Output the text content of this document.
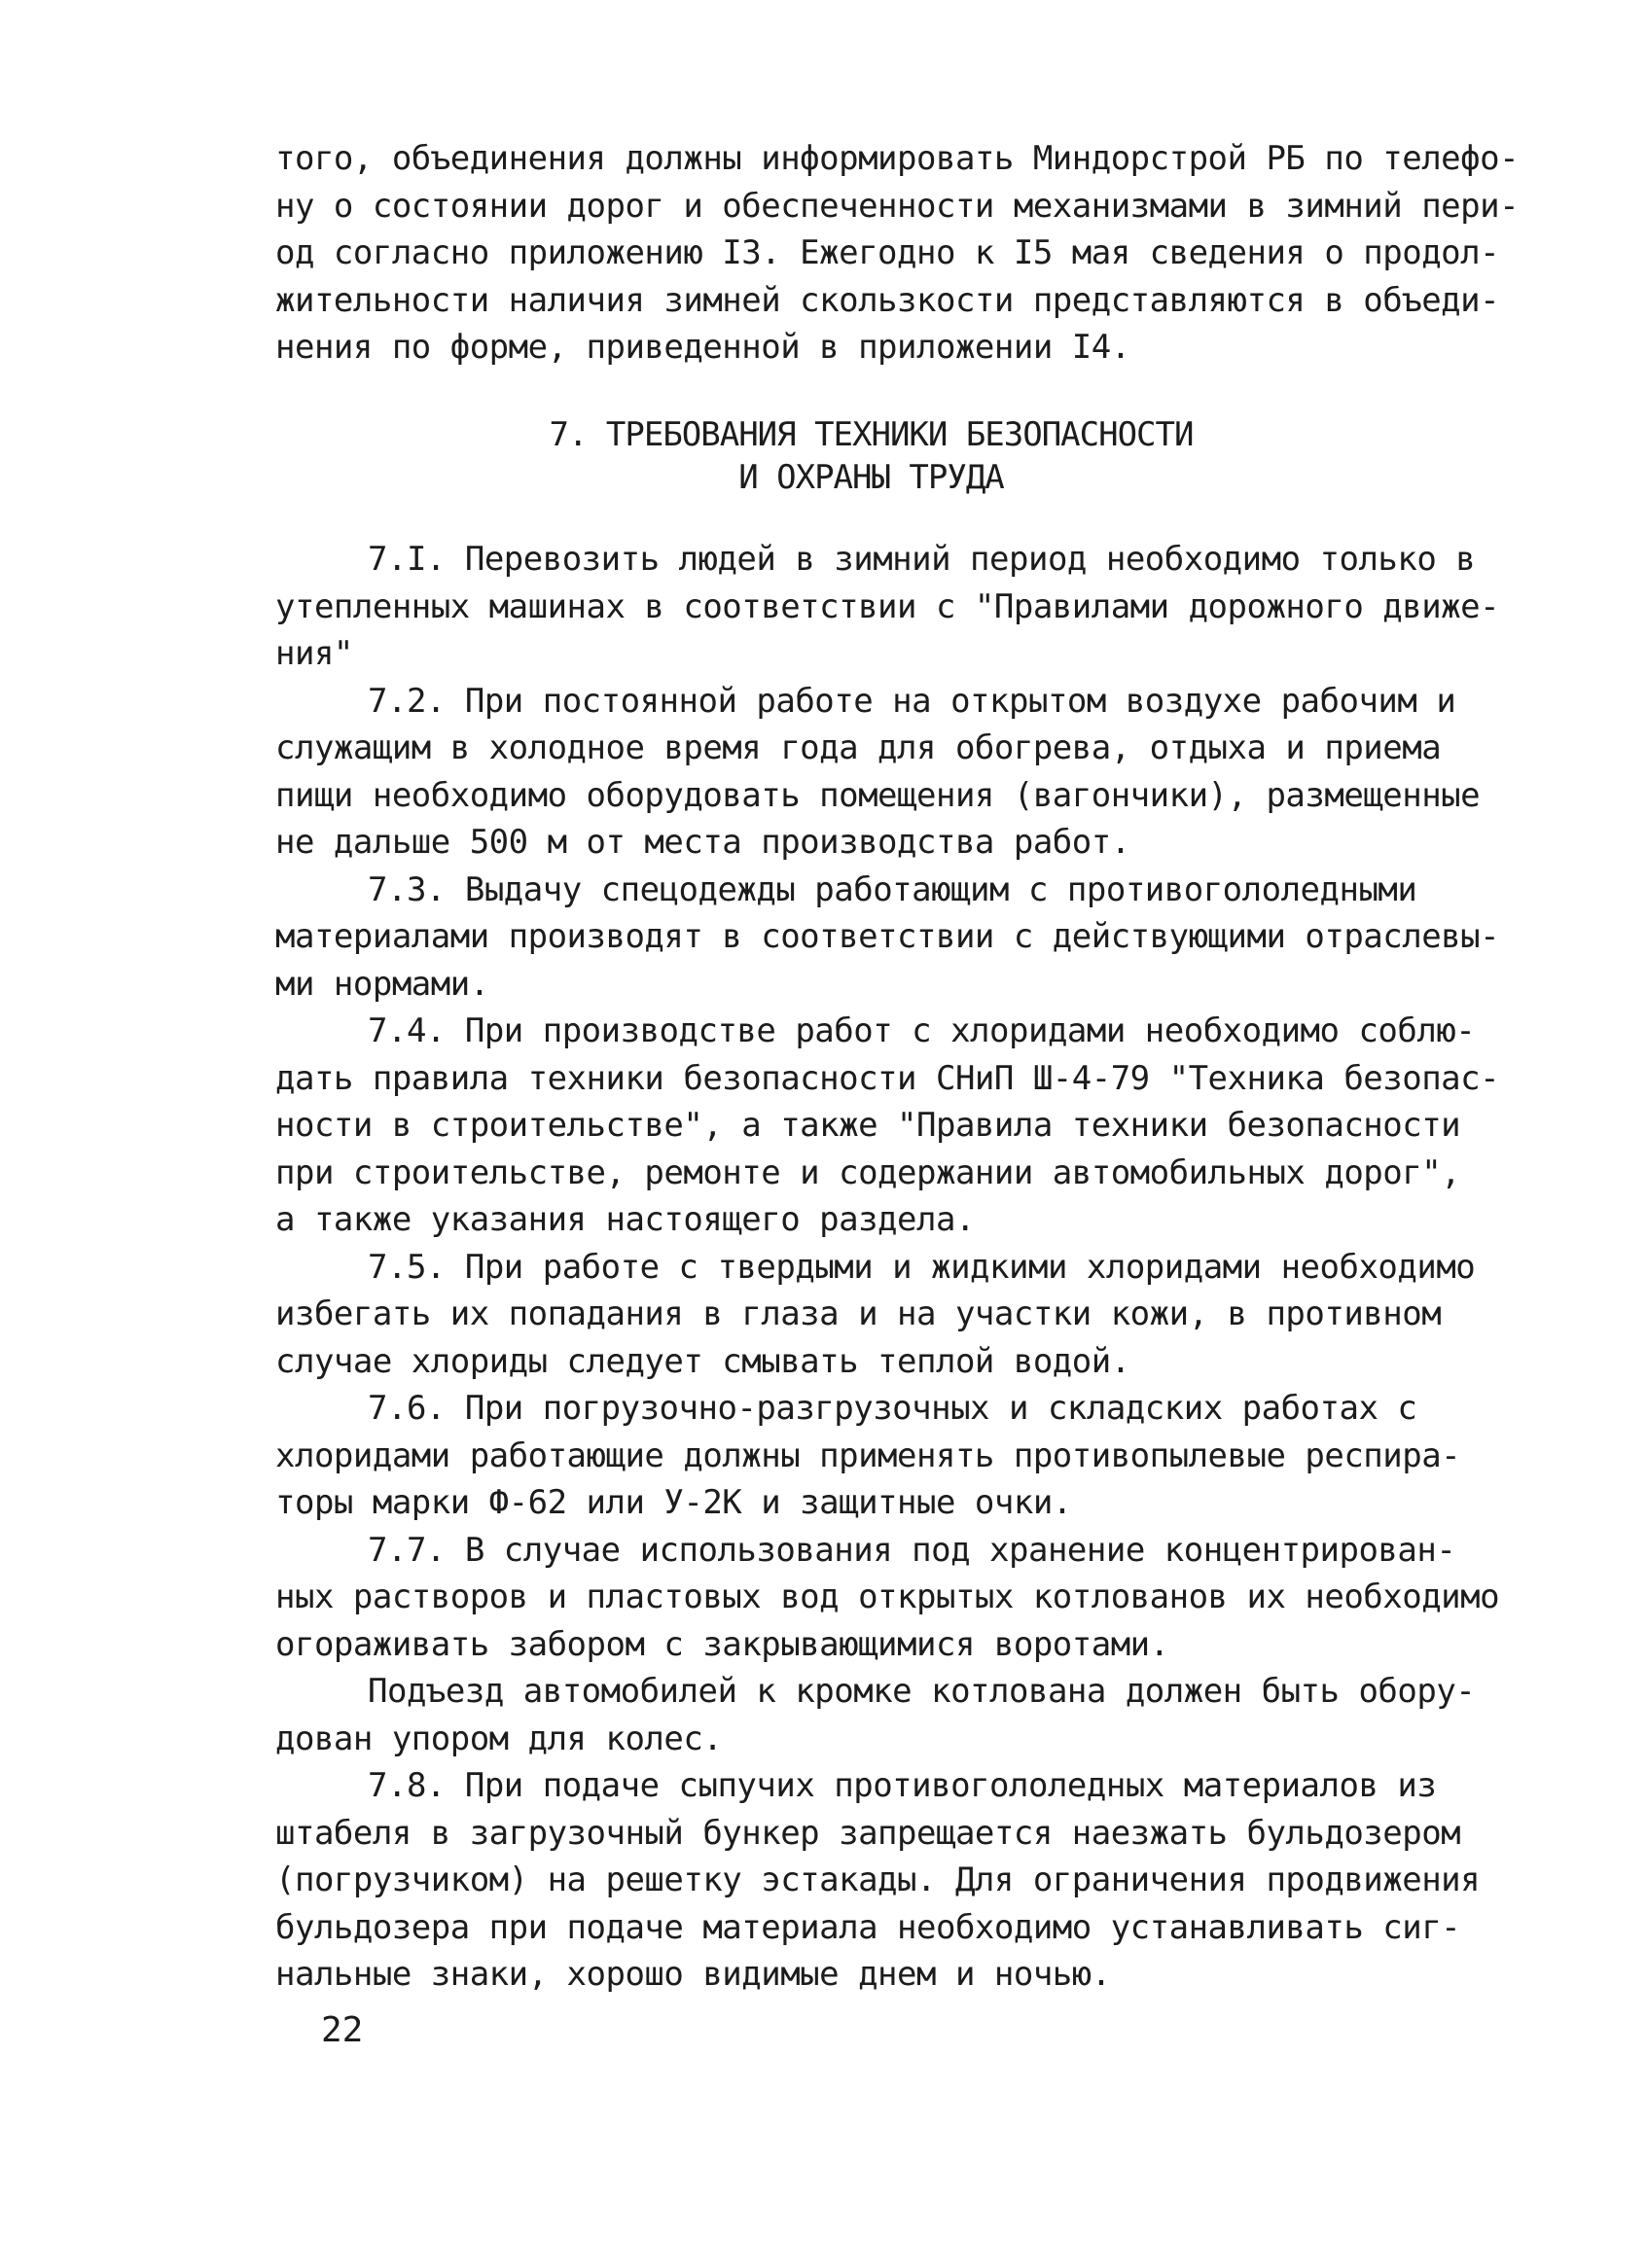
того, объединения должны информировать Миндорстрой РБ по телефо-
ну о состоянии дорог и обеспеченности механизмами в зимний пери-
од согласно приложению I3. Ежегодно к I5 мая сведения о продол-
жительности наличия зимней скользкости представляются в объеди-
нения по форме, приведенной в приложении I4.
7. ТРЕБОВАНИЯ ТЕХНИКИ БЕЗОПАСНОСТИ
И ОХРАНЫ ТРУДА
7.I. Перевозить людей в зимний период необходимо только в
утепленных машинах в соответствии с "Правилами дорожного движе-
ния"
7.2. При постоянной работе на открытом воздухе рабочим и
служащим в холодное время года для обогрева, отдыха и приема
пищи необходимо оборудовать помещения (вагончики), размещенные
не дальше 500 м от места производства работ.
7.3. Выдачу спецодежды работающим с противогололедными
материалами производят в соответствии с действующими отраслевы-
ми нормами.
7.4. При производстве работ с хлоридами необходимо соблю-
дать правила техники безопасности СНиП Ш-4-79 "Техника безопас-
ности в строительстве", а также "Правила техники безопасности
при строительстве, ремонте и содержании автомобильных дорог",
а также указания настоящего раздела.
7.5. При работе с твердыми и жидкими хлоридами необходимо
избегать их попадания в глаза и на участки кожи, в противном
случае хлориды следует смывать теплой водой.
7.6. При погрузочно-разгрузочных и складских работах с
хлоридами работающие должны применять противопылевые респира-
торы марки Ф-62 или У-2К и защитные очки.
7.7. В случае использования под хранение концентрирован-
ных растворов и пластовых вод открытых котлованов их необходимо
огораживать забором с закрывающимися воротами.
Подъезд автомобилей к кромке котлована должен быть обору-
дован упором для колес.
7.8. При подаче сыпучих противогололедных материалов из
штабеля в загрузочный бункер запрещается наезжать бульдозером
(погрузчиком) на решетку эстакады. Для ограничения продвижения
бульдозера при подаче материала необходимо устанавливать сиг-
нальные знаки, хорошо видимые днем и ночью.
22
